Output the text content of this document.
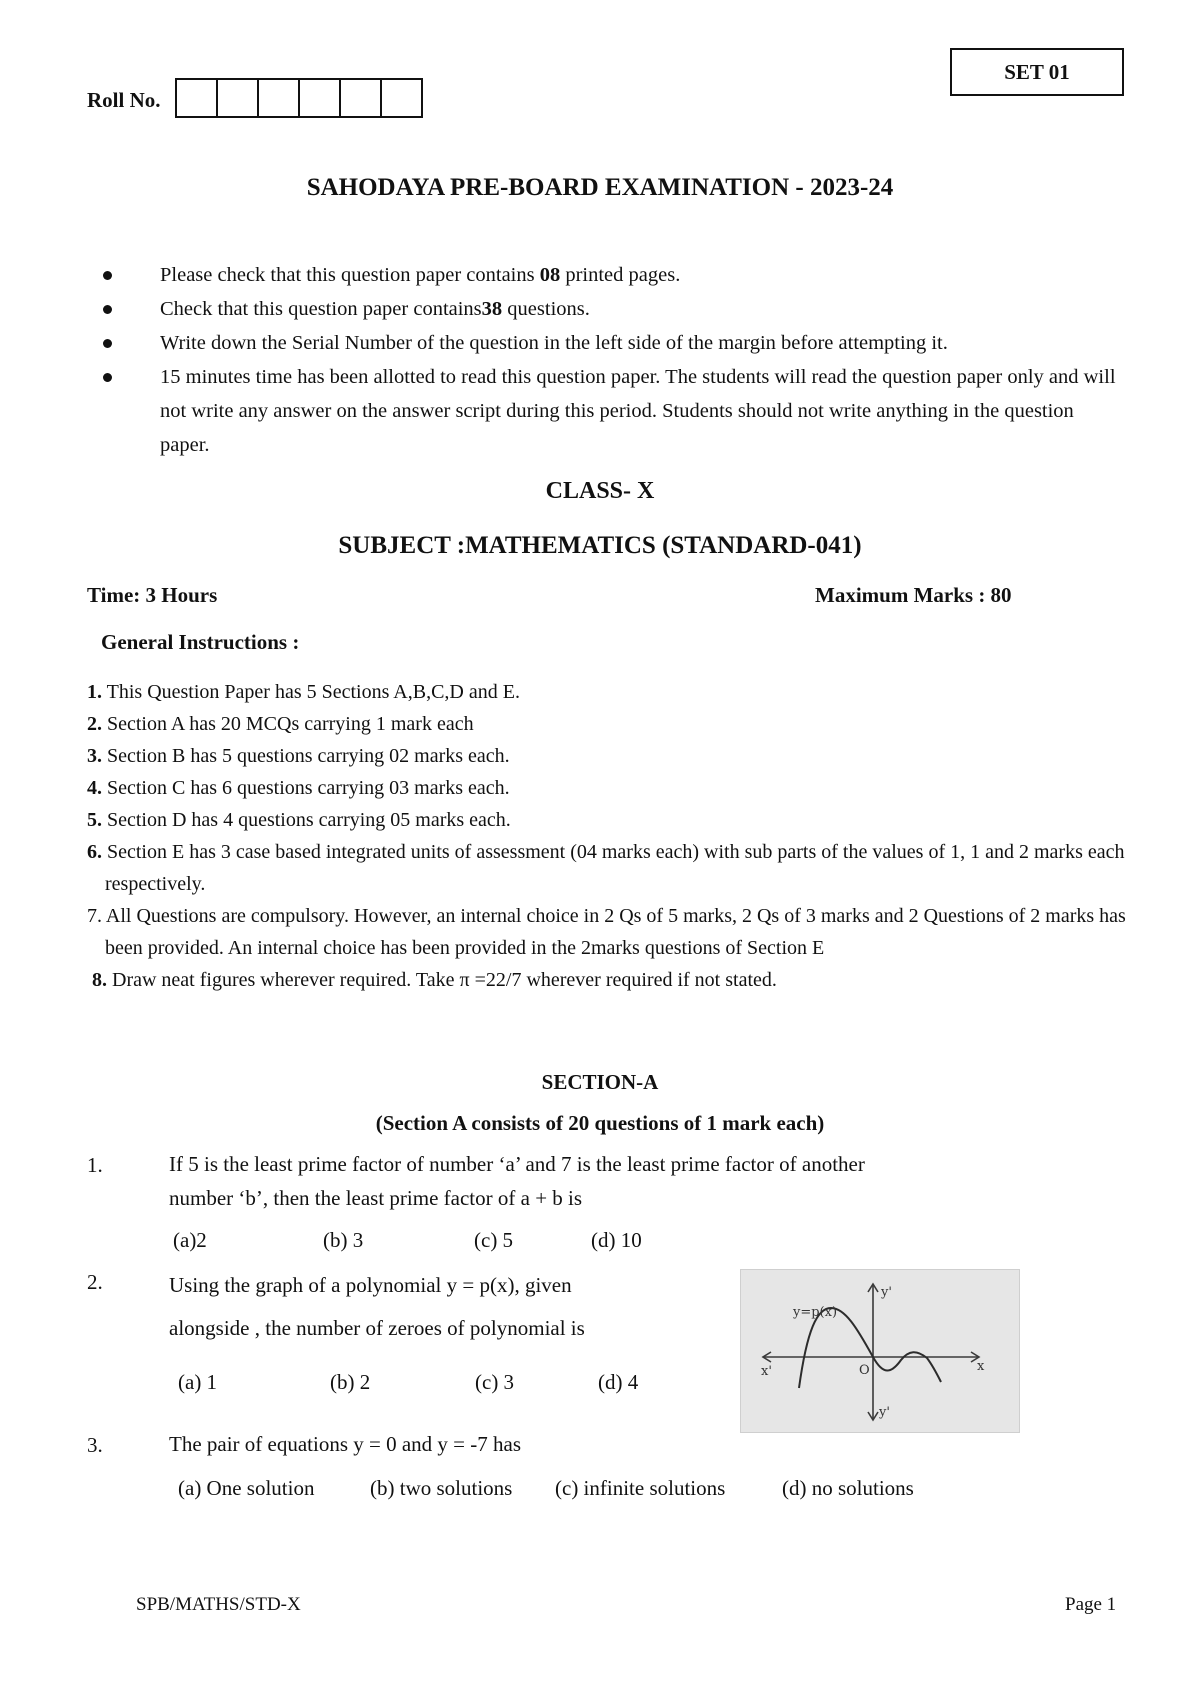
Roll No.
SET 01
SAHODAYA PRE-BOARD EXAMINATION - 2023-24
Please check that this question paper contains 08 printed pages.
Check that this question paper contains38 questions.
Write down the Serial Number of the question in the left side of the margin before attempting it.
15 minutes time has been allotted to read this question paper. The students will read the question paper only and will not write any answer on the answer script during this period. Students should not write anything in the question paper.
CLASS- X
SUBJECT :MATHEMATICS (STANDARD-041)
Time: 3 Hours	Maximum Marks : 80
General Instructions :
1. This Question Paper has 5 Sections A,B,C,D and E.
2. Section A has 20 MCQs carrying 1 mark each
3. Section B has 5 questions carrying 02 marks each.
4. Section C has 6 questions carrying 03 marks each.
5. Section D has 4 questions carrying 05 marks each.
6. Section E has 3 case based integrated units of assessment (04 marks each) with sub parts of the values of 1, 1 and 2 marks each respectively.
7. All Questions are compulsory. However, an internal choice in 2 Qs of 5 marks, 2 Qs of 3 marks and 2 Questions of 2 marks has been provided. An internal choice has been provided in the 2marks questions of Section E
8. Draw neat figures wherever required. Take π =22/7 wherever required if not stated.
SECTION-A
(Section A consists of 20 questions of 1 mark each)
1.	If 5 is the least prime factor of number ‘a’ and 7 is the least prime factor of another
number ‘b’, then the least prime factor of a + b is
(a)2	(b) 3	(c) 5	(d) 10
2.	Using the graph of a polynomial y = p(x), given
alongside , the number of zeroes of polynomial is
(a) 1	(b) 2	(c) 3	(d) 4
y=p(x)
y'
y'
x'	x
O
3.	The pair of equations y = 0 and y = -7 has
(a) One solution	(b) two solutions (c) infinite solutions	(d) no solutions
SPB/MATHS/STD-X	Page 1
